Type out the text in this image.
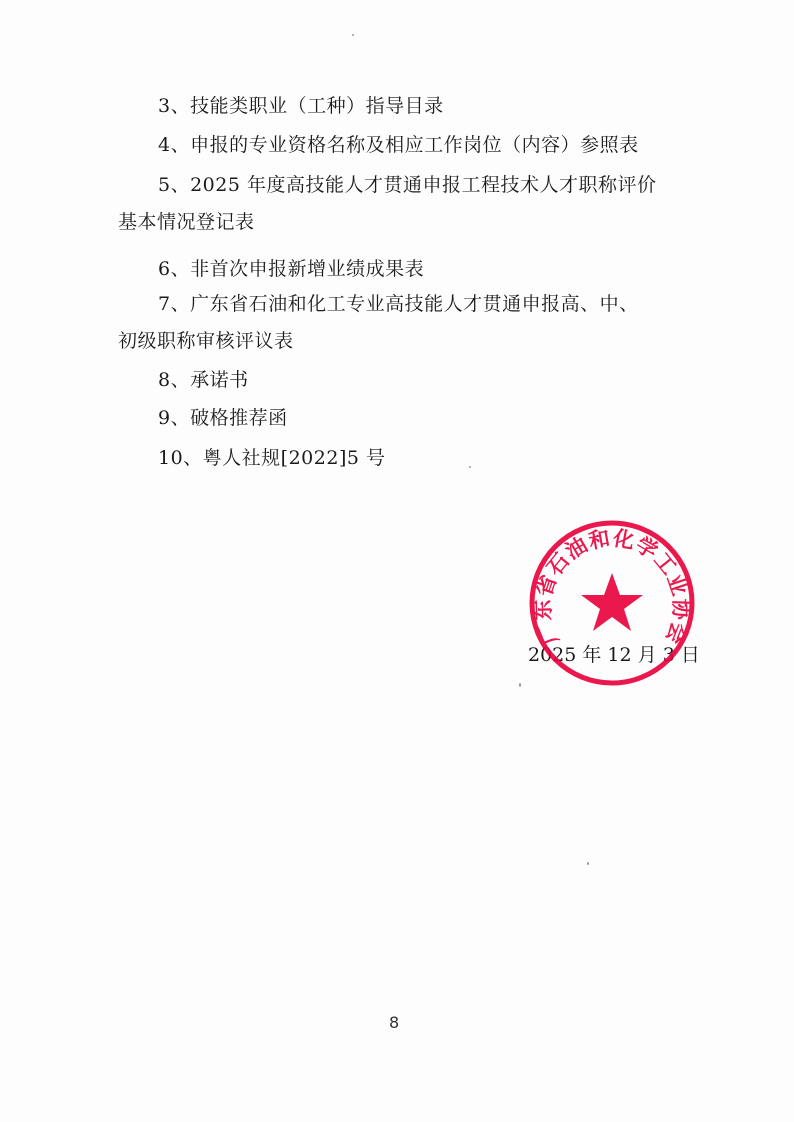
3、技能类职业（工种）指导目录
4、申报的专业资格名称及相应工作岗位（内容）参照表
5、2025 年度高技能人才贯通申报工程技术人才职称评价
基本情况登记表
6、非首次申报新增业绩成果表
7、广东省石油和化工专业高技能人才贯通申报高、中、
初级职称审核评议表
8、承诺书
9、破格推荐函
10、粤人社规[2022]5 号
2025 年 12 月 3 日
广东省石油和化学工业协会
8
